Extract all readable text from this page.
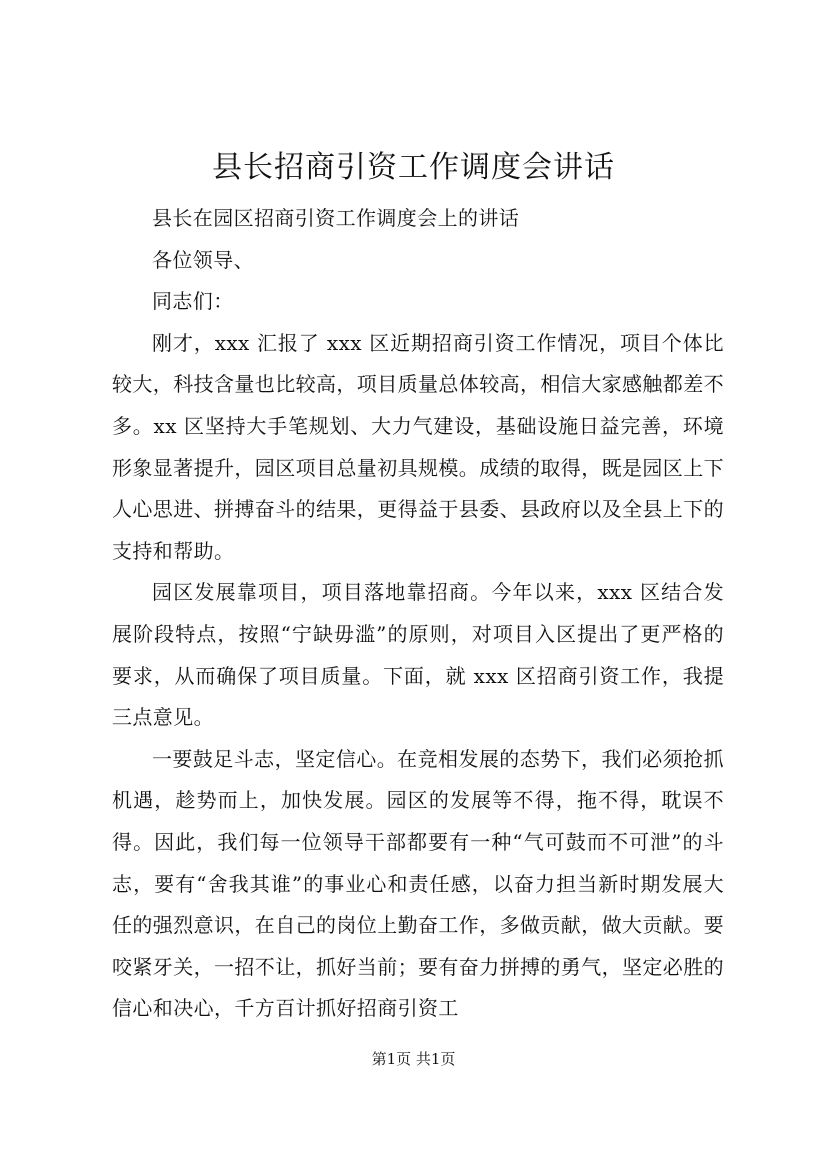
县长招商引资工作调度会讲话

县长在园区招商引资工作调度会上的讲话

各位领导、

同志们：

刚才，xxx 汇报了 xxx 区近期招商引资工作情况，项目个体比较大，科技含量也比较高，项目质量总体较高，相信大家感触都差不多。xx 区坚持大手笔规划、大力气建设，基础设施日益完善，环境形象显著提升，园区项目总量初具规模。成绩的取得，既是园区上下人心思进、拼搏奋斗的结果，更得益于县委、县政府以及全县上下的支持和帮助。

园区发展靠项目，项目落地靠招商。今年以来，xxx 区结合发展阶段特点，按照“宁缺毋滥”的原则，对项目入区提出了更严格的要求，从而确保了项目质量。下面，就 xxx 区招商引资工作，我提三点意见。

一要鼓足斗志，坚定信心。在竞相发展的态势下，我们必须抢抓机遇，趁势而上，加快发展。园区的发展等不得，拖不得，耽误不得。因此，我们每一位领导干部都要有一种“气可鼓而不可泄”的斗志，要有“舍我其谁”的事业心和责任感，以奋力担当新时期发展大任的强烈意识，在自己的岗位上勤奋工作，多做贡献，做大贡献。要咬紧牙关，一招不让，抓好当前；要有奋力拼搏的勇气，坚定必胜的信心和决心，千方百计抓好招商引资工

第1页 共1页
